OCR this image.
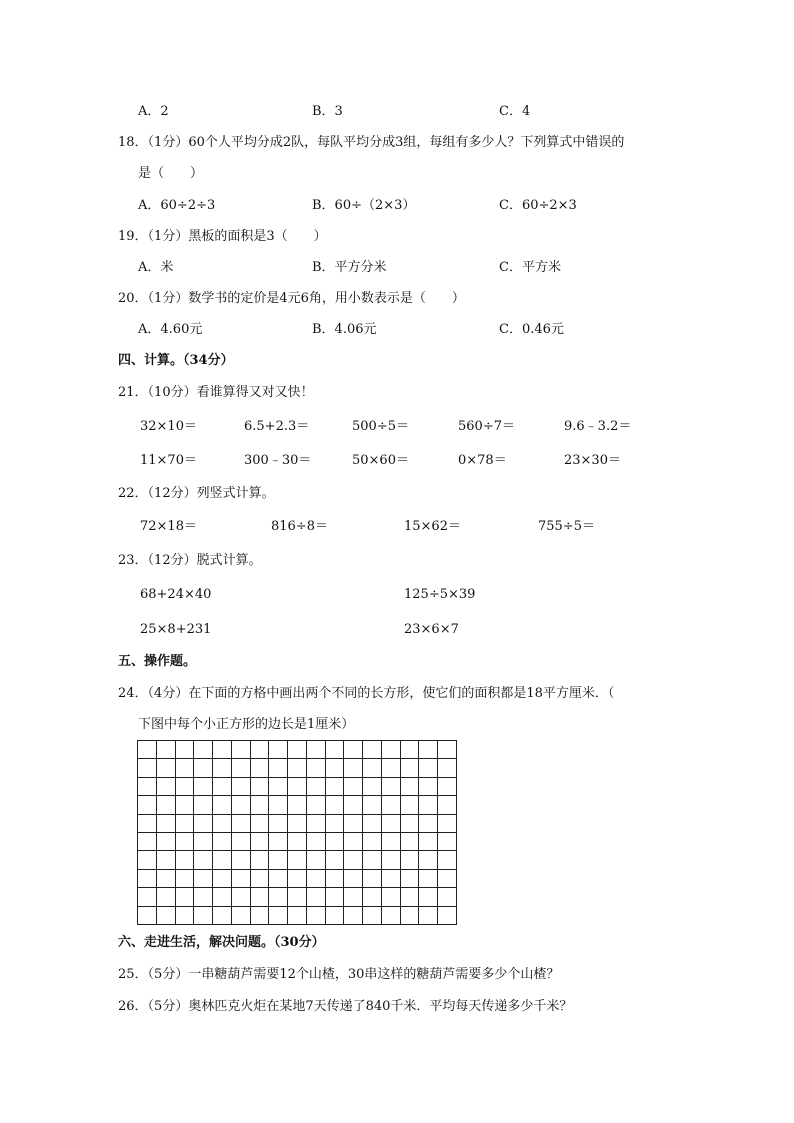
A．2	B．3	C．4
18．（1分）60个人平均分成2队，每队平均分成3组，每组有多少人？下列算式中错误的
是（　　）
A．60÷2÷3	B．60÷（2×3）	C．60÷2×3
19．（1分）黑板的面积是3（　　）
A．米	B．平方分米	C．平方米
20．（1分）数学书的定价是4元6角，用小数表示是（　　）
A．4.60元	B．4.06元	C．0.46元
四、计算。（34分）
21．（10分）看谁算得又对又快！
32×10＝	6.5+2.3＝	500÷5＝	560÷7＝	9.6﹣3.2＝
11×70＝	300﹣30＝	50×60＝	0×78＝	23×30＝
22．（12分）列竖式计算。
72×18＝	816÷8＝	15×62＝	755÷5＝
23．（12分）脱式计算。
68+24×40	125÷5×39
25×8+231	23×6×7
五、操作题。
24．（4分）在下面的方格中画出两个不同的长方形，使它们的面积都是18平方厘米．（
下图中每个小正方形的边长是1厘米）
六、走进生活，解决问题。（30分）
25．（5分）一串糖葫芦需要12个山楂，30串这样的糖葫芦需要多少个山楂？
26．（5分）奥林匹克火炬在某地7天传递了840千米．平均每天传递多少千米？
